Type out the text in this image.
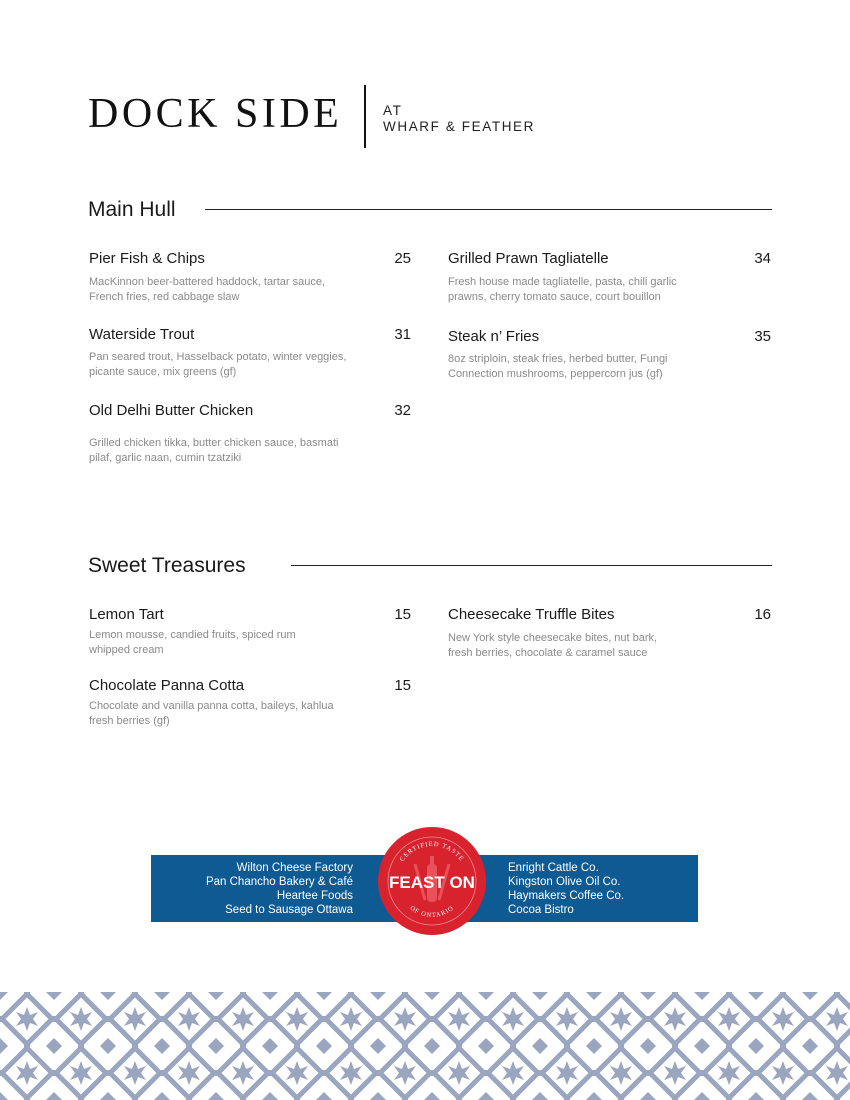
DOCK SIDE	AT
WHARF & FEATHER
Main Hull
Pier Fish & Chips	25
MacKinnon beer-battered haddock, tartar sauce,
French fries, red cabbage slaw
Grilled Prawn Tagliatelle	34
Fresh house made tagliatelle, pasta, chili garlic
prawns, cherry tomato sauce, court bouillon
Waterside Trout	31
Pan seared trout, Hasselback potato, winter veggies,
picante sauce, mix greens (gf)
Steak n’ Fries	35
8oz striploin, steak fries, herbed butter, Fungi
Connection mushrooms, peppercorn jus (gf)
Old Delhi Butter Chicken	32
Grilled chicken tikka, butter chicken sauce, basmati
pilaf, garlic naan, cumin tzatziki
Sweet Treasures
Lemon Tart	15
Lemon mousse, candied fruits, spiced rum
whipped cream
Cheesecake Truffle Bites	16
New York style cheesecake bites, nut bark,
fresh berries, chocolate & caramel sauce
Chocolate Panna Cotta	15
Chocolate and vanilla panna cotta, baileys, kahlua
fresh berries (gf)
Wilton Cheese Factory
Pan Chancho Bakery & Café
Heartee Foods
Seed to Sausage Ottawa
Enright Cattle Co.
Kingston Olive Oil Co.
Haymakers Coffee Co.
Cocoa Bistro
CERTIFIED TASTE
FEAST ON
OF ONTARIO
